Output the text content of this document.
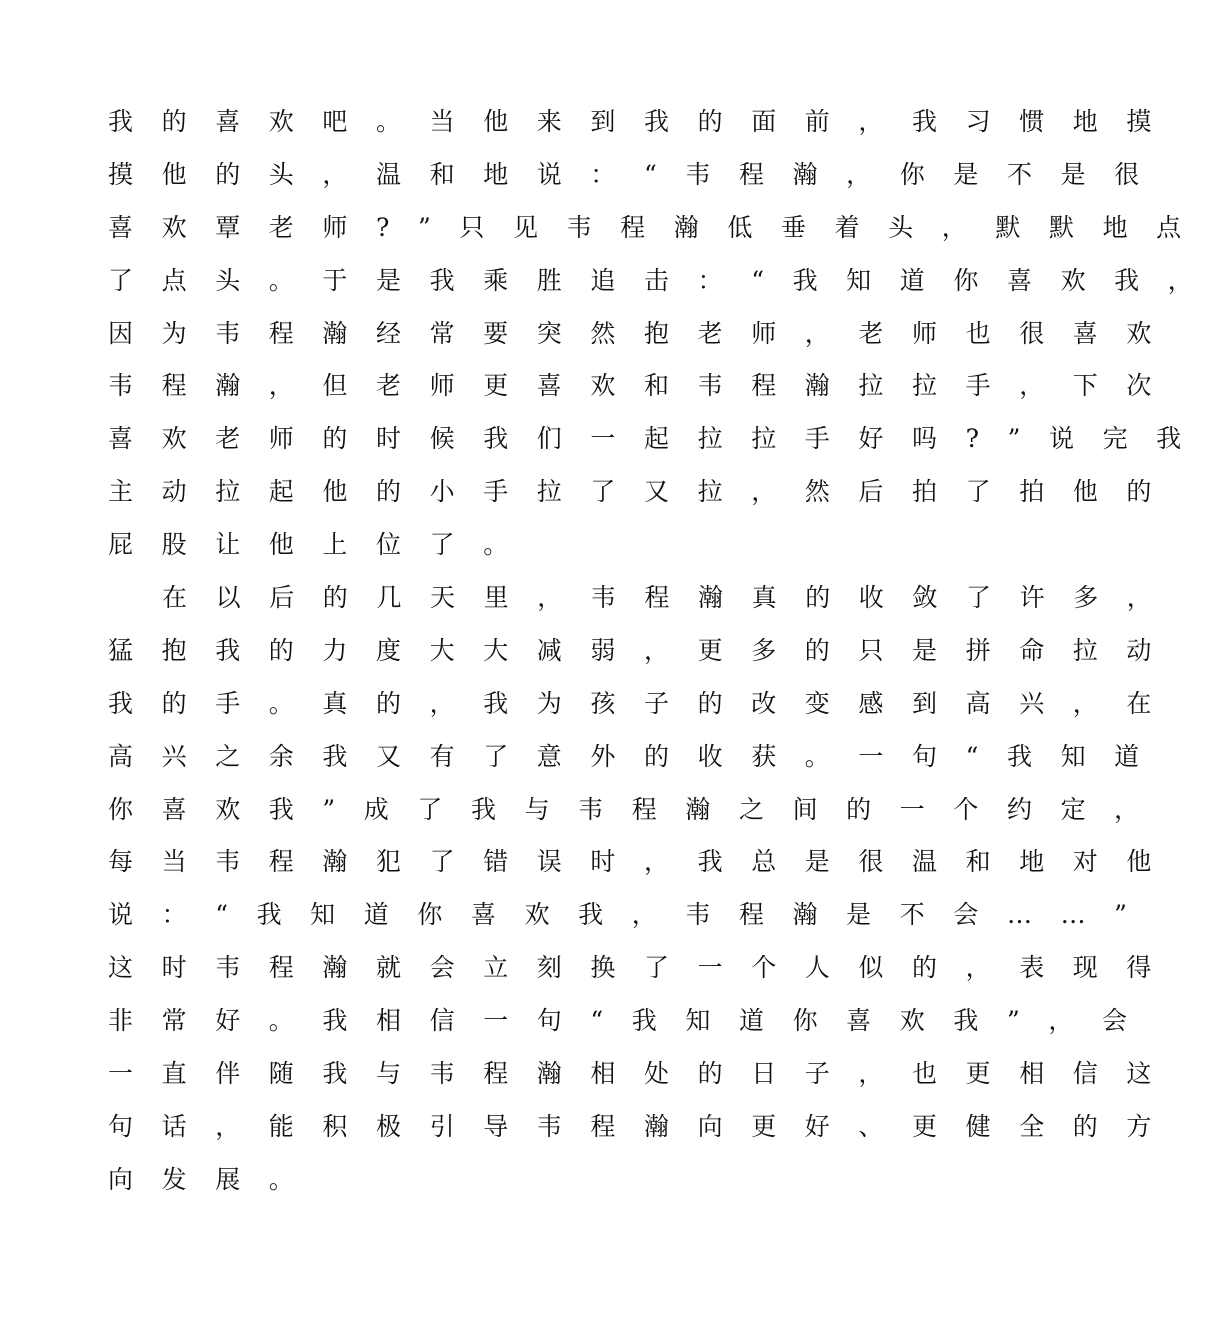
我的喜欢吧。当他来到我的面前，我习惯地摸
摸他的头，温和地说：“韦程瀚，你是不是很
喜欢覃老师?”只见韦程瀚低垂着头，默默地点
了点头。于是我乘胜追击：“我知道你喜欢我，
因为韦程瀚经常要突然抱老师，老师也很喜欢
韦程瀚，但老师更喜欢和韦程瀚拉拉手，下次
喜欢老师的时候我们一起拉拉手好吗?”说完我
主动拉起他的小手拉了又拉，然后拍了拍他的
屁股让他上位了。
在以后的几天里，韦程瀚真的收敛了许多，
猛抱我的力度大大减弱，更多的只是拼命拉动
我的手。真的，我为孩子的改变感到高兴，在
高兴之余我又有了意外的收获。一句“我知道
你喜欢我”成了我与韦程瀚之间的一个约定，
每当韦程瀚犯了错误时，我总是很温和地对他
说：“我知道你喜欢我，韦程瀚是不会……”
这时韦程瀚就会立刻换了一个人似的，表现得
非常好。我相信一句“我知道你喜欢我”，会
一直伴随我与韦程瀚相处的日子，也更相信这
句话，能积极引导韦程瀚向更好、更健全的方
向发展。
